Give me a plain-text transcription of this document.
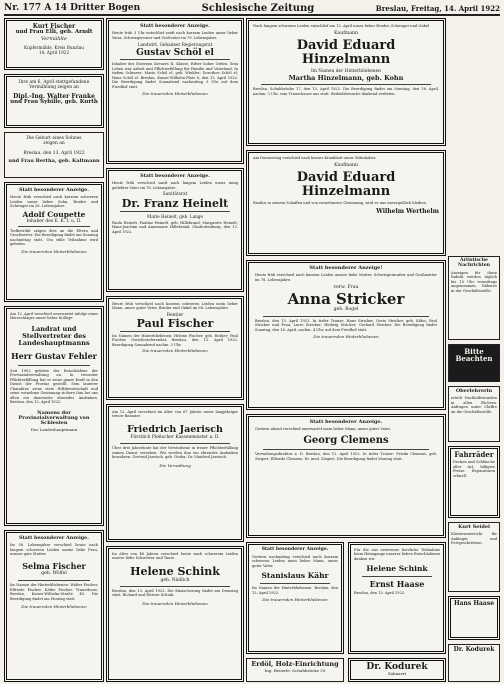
Nr. 177 A 14 Dritter Bogen	Schlesische Zeitung	Breslau, Freitag, 14. April 1922
Kurt Fischer
und Frau Elli, geb. Arndt
Vermählte
Kupfermühle, Kreis Bunzlau
14. April 1922
Ihre am 6. April stattgefundene
Vermählung zeigen an
Dipl.-Ing. Walter Franke
und Frau Sybille, geb. Kurth
Die Geburt eines Sohnes
zeigen an
Breslau, den 13. April 1922
und Frau Bertha, geb. Kaltmann
Statt besonderer Anzeige.
Heute früh verschied nach kurzem schweren Leiden unser lieber Sohn, Bruder und Schwager im 26. Lebensjahre.
Adolf Coupette
Inhaber des E. K. I. u. II.
Tiefbetrübt zeigen dies an die Eltern und Geschwister. Die Beerdigung findet am Sonntag nachmittag statt. Um stille Teilnahme wird gebeten.
Die trauernden Hinterbliebenen
Am 12. April verschied unerwartet infolge eines Herzschlages unser lieber Kollege
Landrat und Stellvertreter des Landeshauptmanns
Herr Gustav Fehler
Seit 1902 gehörte der Entschlafene der Provinzialverwaltung an. In treuester Pflichterfüllung hat er seine ganze Kraft in den Dienst der Provinz gestellt. Sein lauterer Charakter, seine stete Hilfsbereitschaft und seine vornehme Gesinnung sichern ihm bei uns allen ein dauerndes ehrendes Andenken. Breslau, den 13. April 1922.
Namens der Provinzialverwaltung von Schlesien
Der Landeshauptmann
Statt besonderer Anzeige.
Im 58. Lebensjahre verschied heute nach langem schweren Leiden meine liebe Frau, unsere gute Mutter.
Selma Fischer
geb. Wölfel
Im Namen der Hinterbliebenen: Walter Fischer, Elfriede Fischer, Käthe Fischer. Trauerhaus: Breslau, Kaiser-Wilhelm-Straße 40. Die Beerdigung findet am Montag statt.
Die trauernden Hinterbliebenen
Statt besonderer Anzeige.
Heute früh 3 Uhr entschlief sanft nach kurzem Leiden unser lieber Vater, Schwiegervater und Großvater im 79. Lebensjahre.
Landwirt, Gehaimer Regierungsrat
Gustav Schöl el
Inhaber des Eisernen Kreuzes II. Klasse, Ritter hoher Orden. Sein Leben war Arbeit und Pflichterfüllung für Familie und Vaterland. In tiefem Schmerz: Marie Schöl el, geb. Winkler; Dorothee Schöl el; Hans Schöl el. Breslau, Kaiser-Wilhelm-Platz 8, den 13. April 1922. Die Beerdigung findet Sonnabend nachmittag 3 Uhr auf dem Friedhof statt.
Die trauernden Hinterbliebenen
Statt besonderer Anzeige.
Heute früh verschied sanft nach langem Leiden unser innig geliebter Vater im 78. Lebensjahre.
Sanitätsrat
Dr. Franz Heinelt
Marie Heinelt, geb. Lange
Paula Heinelt, Pauline Heinelt, geb. Hillebrand; Margarete Heinelt; Hans-Joachim und Annemarie Hillebrand. Charlottenburg, den 12. April 1922.
Heute früh verschied nach kurzem schweren Leiden mein lieber Mann, unser guter Vater, Bruder und Onkel im 68. Lebensjahre.
Rentier
Paul Fischer
Im Namen der Hinterbliebenen: Helene Fischer, geb. Rother; Paul Fischer, Gerichtsreferendar. Breslau, den 13. April 1922. Beerdigung Sonnabend nachm. 3 Uhr.
Die trauernden Hinterbliebenen
Am 12. April verschied im Alter von 67 Jahren unser langjähriger treuer Beamter
Friedrich Jaerisch
Fürstlich Pleßscher Kassenmeister a. D.
Über drei Jahrzehnte hat der Verstorbene in treuer Pflichterfüllung seinen Dienst versehen. Wir werden ihm ein ehrendes Andenken bewahren. Gertrud Jaerisch, geb. Gruba; Dr. Manfred Jaerisch.
Die Verwaltung
Im Alter von 46 Jahren verschied heute nach schwerem Leiden unsere liebe Schwester und Tante
Helene Schink
geb. Nädlich
Breslau, den 13. April 1922. Die Einäscherung findet am Dienstag statt. Richard und Werner Schink.
Die trauernden Hinterbliebenen
Nach langem schweren Leiden entschlief am 12. April unser lieber Bruder, Schwager und Onkel
Kaufmann
David Eduard Hinzelmann
Im Namen der Hinterbliebenen
Martha Hinzelmann, geb. Kohn
Breslau, Schuhbrücke 17, den 13. April 1922. Die Beerdigung findet am Sonntag, den 16. April, nachm. 3 Uhr, vom Trauerhause aus statt. Beileidsbesuche dankend verbeten.
Am Donnerstag verschied nach kurzer Krankheit unser Mitinhaber
Kaufmann
David Eduard Hinzelmann
Rastlos in seinem Schaffen und von vornehmster Gesinnung, wird er uns unvergeßlich bleiben.
Wilhelm Werthelm
Statt besonderer Anzeige!
Heute früh verschied nach kurzem Leiden unsere liebe Mutter, Schwiegermutter und Großmutter im 78. Lebensjahre.
verw. Frau
Anna Stricker
geb. Bogel
Breslau, den 13. April 1922. In tiefer Trauer: Hans Stricker, Grete Stricker, geb. Kühn; Paul Stricker und Frau; Lucie Stricker; Hedwig Stricker; Gerhard Stricker. Die Beerdigung findet Sonntag, den 16. April, nachm. 4 Uhr, auf dem Friedhof statt.
Die trauernden Hinterbliebenen
Statt besonderer Anzeige.
Gestern abend verschied unerwartet mein lieber Mann, unser guter Vater.
Georg Clemens
Verwaltungsdirektor a. D. Breslau, den 12. April 1922. In tiefer Trauer: Frieda Clemens, geb. Ziegert; Elfriede Clemens; Dr. med. Ziegert. Die Beerdigung findet Montag statt.
Statt besonderer Anzeige.
Gestern nachmittag verschied nach kurzem schweren Leiden mein lieber Mann, unser guter Vater.
Stanislaus Kähr
Im Namen der Hinterbliebenen. Breslau, den 13. April 1922.
Die trauernden Hinterbliebenen
Für die uns erwiesene herzliche Teilnahme beim Heimgange unserer lieben Entschlafenen danken wir.
Helene Schink
Ernst Haase
Breslau, den 13. April 1922.
Erdöl, Holz-Einrichtung
Ing. Beuerle, Schuhbrücke 59	Dr. Kodurek
Zahnarzt
Artistische Nachrichten
Anzeigen für diese Rubrik werden täglich bis 10 Uhr vormittags angenommen. Näheres in der Geschäftsstelle.
Bitte Beachten
Oberlehrerin
erteilt Nachhilfestunden in allen Fächern. Anfragen unter Chiffre an die Geschäftsstelle.
Fahrräder
Decken und Schläuche aller Art, billigste Preise. Reparaturen schnell.
Kurt Seidel
Klavierunterricht für Anfänger und Fortgeschrittene.
Hans Haase
Dr. Kodurek
